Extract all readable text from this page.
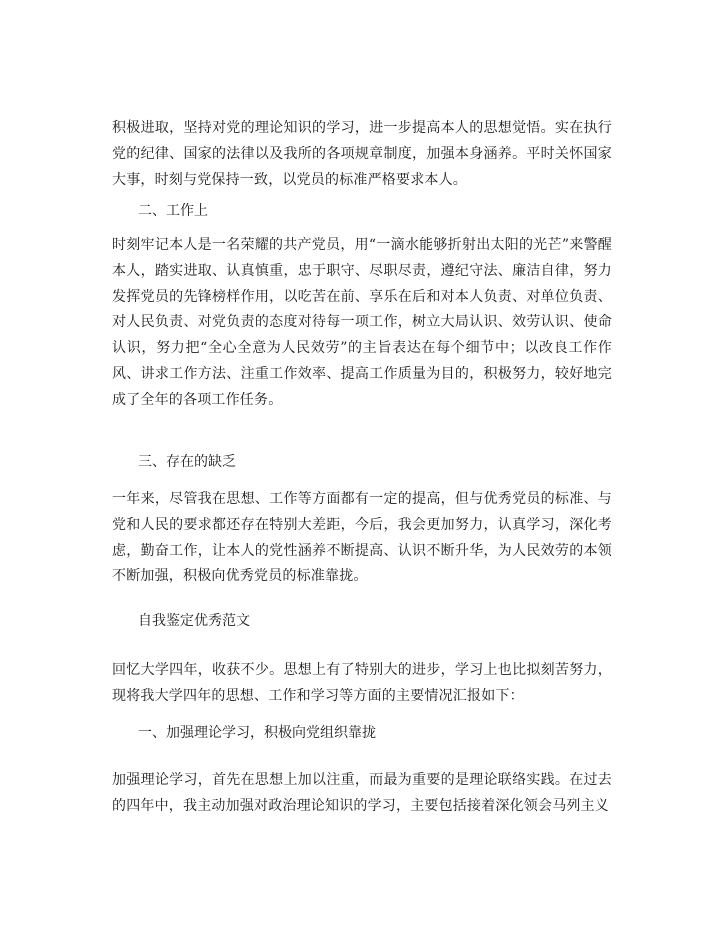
积极进取，坚持对党的理论知识的学习，进一步提高本人的思想觉悟。实在执行党的纪律、国家的法律以及我所的各项规章制度，加强本身涵养。平时关怀国家大事，时刻与党保持一致，以党员的标准严格要求本人。
二、工作上
时刻牢记本人是一名荣耀的共产党员，用“一滴水能够折射出太阳的光芒”来警醒本人，踏实进取、认真慎重，忠于职守、尽职尽责，遵纪守法、廉洁自律，努力发挥党员的先锋榜样作用，以吃苦在前、享乐在后和对本人负责、对单位负责、对人民负责、对党负责的态度对待每一项工作，树立大局认识、效劳认识、使命认识，努力把“全心全意为人民效劳”的主旨表达在每个细节中；以改良工作作风、讲求工作方法、注重工作效率、提高工作质量为目的，积极努力，较好地完成了全年的各项工作任务。
三、存在的缺乏
一年来，尽管我在思想、工作等方面都有一定的提高，但与优秀党员的标准、与党和人民的要求都还存在特别大差距，今后，我会更加努力，认真学习，深化考虑，勤奋工作，让本人的党性涵养不断提高、认识不断升华，为人民效劳的本领不断加强，积极向优秀党员的标准靠拢。
自我鉴定优秀范文
回忆大学四年，收获不少。思想上有了特别大的进步，学习上也比拟刻苦努力，现将我大学四年的思想、工作和学习等方面的主要情况汇报如下：
一、加强理论学习，积极向党组织靠拢
加强理论学习，首先在思想上加以注重，而最为重要的是理论联络实践。在过去的四年中，我主动加强对政治理论知识的学习，主要包括接着深化领会马列主义
